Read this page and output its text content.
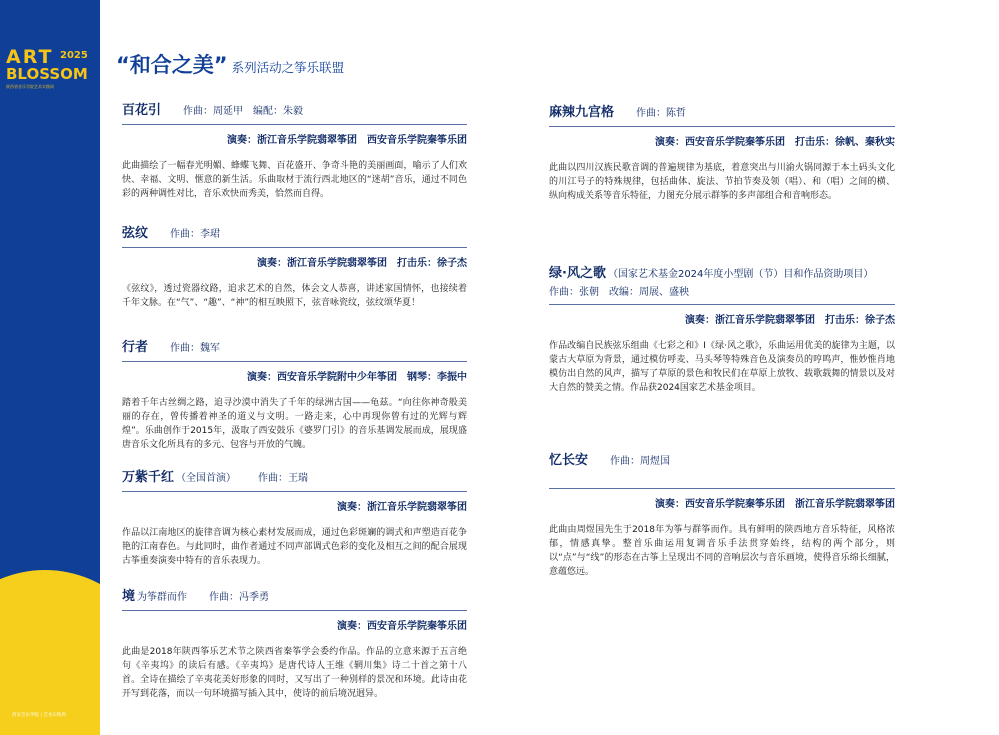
ART 2025
BLOSSOM
陕西省音乐学院艺术实践周
西安音乐学院 | 艺术实践周
“和合之美” 系列活动之筝乐联盟
百花引 作曲：周延甲　编配：朱毅
演奏：浙江音乐学院翡翠筝团　西安音乐学院秦筝乐团
此曲描绘了一幅春光明媚、蜂蝶飞舞、百花盛开、争奇斗艳的美丽画面，喻示了人们欢快、幸福、文明、惬意的新生活。乐曲取材于流行西北地区的“迷胡”音乐，通过不同色彩的两种调性对比，音乐欢快而秀美，恰然而自得。
弦纹 作曲：李珺
演奏：浙江音乐学院翡翠筝团　打击乐：徐子杰
《弦纹》，透过瓷器纹路，追求艺术的自然，体会文人恭喜，讲述家国情怀，也接续着千年文脉。在“气”、“趣”、“神”的相互映照下，弦音咏瓷纹，弦纹颂华夏！
行者 作曲：魏军
演奏：西安音乐学院附中少年筝团　钢琴：李振中
踏着千年古丝绸之路，追寻沙漠中消失了千年的绿洲古国——龟兹。“向往你神奇般美丽的存在，曾传播着神圣的道义与文明。一路走来，心中再现你曾有过的光辉与辉煌”。乐曲创作于2015年，汲取了西安鼓乐《婆罗门引》的音乐基调发展而成，展现盛唐音乐文化所具有的多元、包容与开放的气魄。
万紫千红 （全国首演） 作曲：王瑞
演奏：浙江音乐学院翡翠筝团
作品以江南地区的旋律音调为核心素材发展而成，通过色彩斑斓的调式和声塑造百花争艳的江南春色。与此同时，曲作者通过不同声部调式色彩的变化及相互之间的配合展现古筝重奏演奏中特有的音乐表现力。
境 为筝群而作 作曲：冯季勇
演奏：西安音乐学院秦筝乐团
此曲是2018年陕西筝乐艺术节之陕西省秦筝学会委约作品。作品的立意来源于五言绝句《辛夷坞》的读后有感。《辛夷坞》是唐代诗人王维《辋川集》诗二十首之第十八首。全诗在描绘了辛夷花美好形象的同时，又写出了一种别样的景况和环境。此诗由花开写到花落，而以一句环境描写插入其中，使诗的前后境况迥异。
麻辣九宫格 作曲：陈哲
演奏：西安音乐学院秦筝乐团　打击乐：徐帆、秦秋实
此曲以四川汉族民歌音调的普遍规律为基底，着意突出与川渝火锅同源于本土码头文化的川江号子的特殊规律，包括曲体、旋法、节拍节奏及领（唱）、和（唱）之间的横、纵向构成关系等音乐特征，力图充分展示群筝的多声部组合和音响形态。
绿·风之歌 （国家艺术基金2024年度小型剧（节）目和作品资助项目）
作曲：张朝　改编：周展、盛秧
演奏：浙江音乐学院翡翠筝团　打击乐：徐子杰
作品改编自民族弦乐组曲《七彩之和》I《绿·风之歌》，乐曲运用优美的旋律为主题，以蒙古大草原为背景，通过模仿呼麦、马头琴等特殊音色及演奏员的哼鸣声，惟妙惟肖地模仿出自然的风声，描写了草原的景色和牧民们在草原上放牧、载歌载舞的情景以及对大自然的赞美之情。作品获2024国家艺术基金项目。
忆长安 作曲：周煜国
演奏：西安音乐学院秦筝乐团　浙江音乐学院翡翠筝团
此曲由周煜国先生于2018年为筝与群筝而作。具有鲜明的陕西地方音乐特征，风格浓郁，情感真挚。整首乐曲运用复调音乐手法贯穿始终，结构的两个部分，则以“点”与“线”的形态在古筝上呈现出不同的音响层次与音乐画境，使得音乐绵长细腻，意蕴悠远。
